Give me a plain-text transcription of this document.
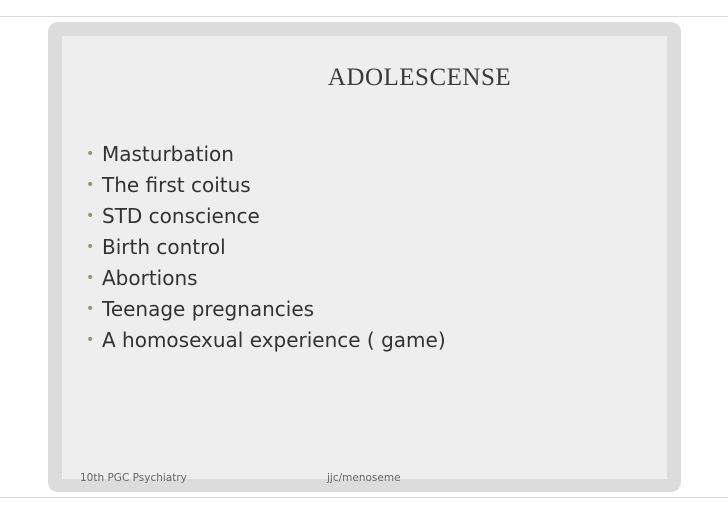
ADOLESCENSE
• Masturbation
• The first coitus
• STD conscience
• Birth control
• Abortions
• Teenage pregnancies
• A homosexual experience ( game)
10th PGC Psychiatry	jjc/menoseme
